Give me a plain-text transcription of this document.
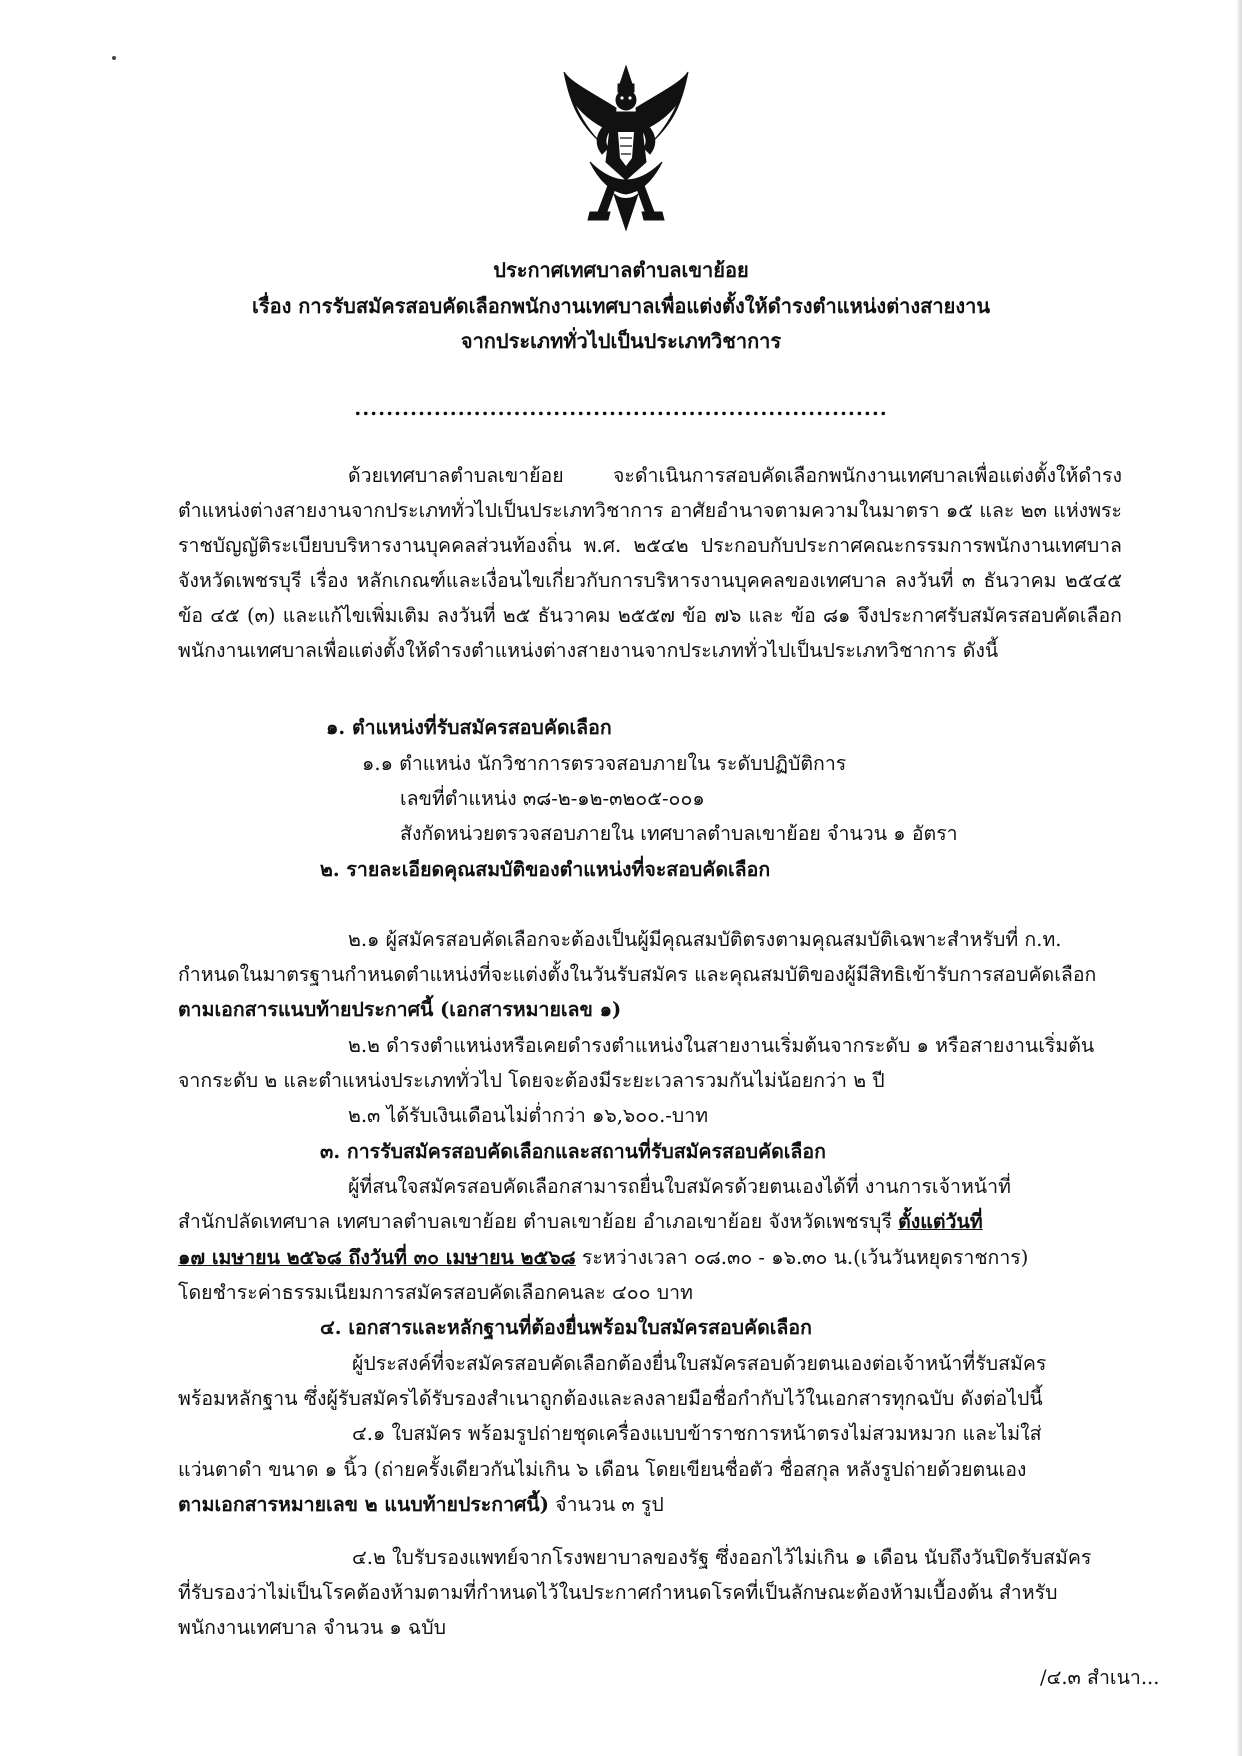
ประกาศเทศบาลตำบลเขาย้อย
เรื่อง การรับสมัครสอบคัดเลือกพนักงานเทศบาลเพื่อแต่งตั้งให้ดำรงตำแหน่งต่างสายงาน
จากประเภททั่วไปเป็นประเภทวิชาการ
...................................................................
ด้วยเทศบาลตำบลเขาย้อย จะดำเนินการสอบคัดเลือกพนักงานเทศบาลเพื่อแต่งตั้งให้ดำรงตำแหน่งต่างสายงานจากประเภททั่วไปเป็นประเภทวิชาการ อาศัยอำนาจตามความในมาตรา ๑๕ และ ๒๓ แห่งพระราชบัญญัติระเบียบบริหารงานบุคคลส่วนท้องถิ่น พ.ศ. ๒๕๔๒ ประกอบกับประกาศคณะกรรมการพนักงานเทศบาลจังหวัดเพชรบุรี เรื่อง หลักเกณฑ์และเงื่อนไขเกี่ยวกับการบริหารงานบุคคลของเทศบาล ลงวันที่ ๓ ธันวาคม ๒๕๔๕ ข้อ ๔๕ (๓) และแก้ไขเพิ่มเติม ลงวันที่ ๒๕ ธันวาคม ๒๕๕๗ ข้อ ๗๖ และ ข้อ ๘๑ จึงประกาศรับสมัครสอบคัดเลือกพนักงานเทศบาลเพื่อแต่งตั้งให้ดำรงตำแหน่งต่างสายงานจากประเภททั่วไปเป็นประเภทวิชาการ ดังนี้
๑. ตำแหน่งที่รับสมัครสอบคัดเลือก
๑.๑ ตำแหน่ง นักวิชาการตรวจสอบภายใน ระดับปฏิบัติการ
เลขที่ตำแหน่ง ๓๘-๒-๑๒-๓๒๐๕-๐๐๑
สังกัดหน่วยตรวจสอบภายใน เทศบาลตำบลเขาย้อย จำนวน ๑ อัตรา
๒. รายละเอียดคุณสมบัติของตำแหน่งที่จะสอบคัดเลือก
๒.๑ ผู้สมัครสอบคัดเลือกจะต้องเป็นผู้มีคุณสมบัติตรงตามคุณสมบัติเฉพาะสำหรับที่ ก.ท.
กำหนดในมาตรฐานกำหนดตำแหน่งที่จะแต่งตั้งในวันรับสมัคร และคุณสมบัติของผู้มีสิทธิเข้ารับการสอบคัดเลือก
ตามเอกสารแนบท้ายประกาศนี้ (เอกสารหมายเลข ๑)
๒.๒ ดำรงตำแหน่งหรือเคยดำรงตำแหน่งในสายงานเริ่มต้นจากระดับ ๑ หรือสายงานเริ่มต้น
จากระดับ ๒ และตำแหน่งประเภททั่วไป โดยจะต้องมีระยะเวลารวมกันไม่น้อยกว่า ๒ ปี
๒.๓ ได้รับเงินเดือนไม่ต่ำกว่า ๑๖,๖๐๐.-บาท
๓. การรับสมัครสอบคัดเลือกและสถานที่รับสมัครสอบคัดเลือก
ผู้ที่สนใจสมัครสอบคัดเลือกสามารถยื่นใบสมัครด้วยตนเองได้ที่ งานการเจ้าหน้าที่
สำนักปลัดเทศบาล เทศบาลตำบลเขาย้อย ตำบลเขาย้อย อำเภอเขาย้อย จังหวัดเพชรบุรี ตั้งแต่วันที่
๑๗ เมษายน ๒๕๖๘ ถึงวันที่ ๓๐ เมษายน ๒๕๖๘ ระหว่างเวลา ๐๘.๓๐ - ๑๖.๓๐ น.(เว้นวันหยุดราชการ)
โดยชำระค่าธรรมเนียมการสมัครสอบคัดเลือกคนละ ๔๐๐ บาท
๔. เอกสารและหลักฐานที่ต้องยื่นพร้อมใบสมัครสอบคัดเลือก
ผู้ประสงค์ที่จะสมัครสอบคัดเลือกต้องยื่นใบสมัครสอบด้วยตนเองต่อเจ้าหน้าที่รับสมัคร
พร้อมหลักฐาน ซึ่งผู้รับสมัครได้รับรองสำเนาถูกต้องและลงลายมือชื่อกำกับไว้ในเอกสารทุกฉบับ ดังต่อไปนี้
๔.๑ ใบสมัคร พร้อมรูปถ่ายชุดเครื่องแบบข้าราชการหน้าตรงไม่สวมหมวก และไม่ใส่
แว่นตาดำ ขนาด ๑ นิ้ว (ถ่ายครั้งเดียวกันไม่เกิน ๖ เดือน โดยเขียนชื่อตัว ชื่อสกุล หลังรูปถ่ายด้วยตนเอง
ตามเอกสารหมายเลข ๒ แนบท้ายประกาศนี้) จำนวน ๓ รูป
๔.๒ ใบรับรองแพทย์จากโรงพยาบาลของรัฐ ซึ่งออกไว้ไม่เกิน ๑ เดือน นับถึงวันปิดรับสมัคร
ที่รับรองว่าไม่เป็นโรคต้องห้ามตามที่กำหนดไว้ในประกาศกำหนดโรคที่เป็นลักษณะต้องห้ามเบื้องต้น สำหรับ
พนักงานเทศบาล จำนวน ๑ ฉบับ
/๔.๓ สำเนา...
